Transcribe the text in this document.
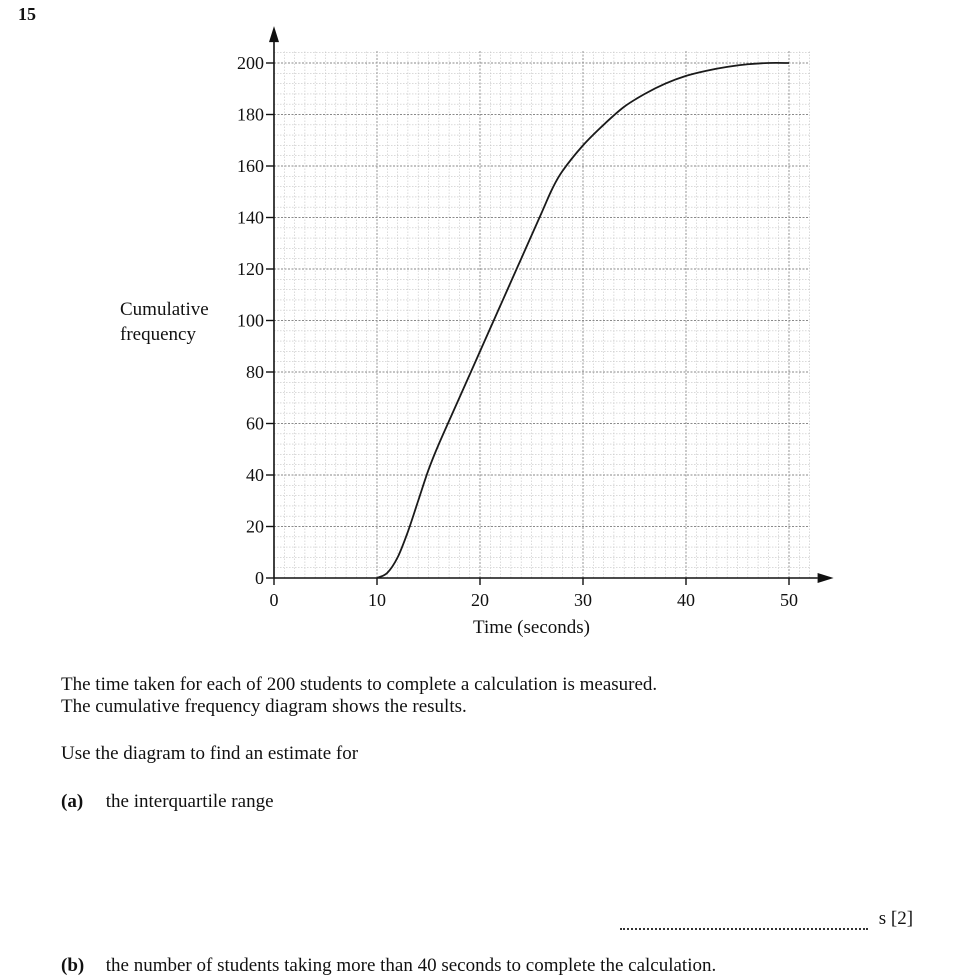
15
Cumulative
frequency
0
20
40
60
80
100
120
140
160
180
200
0	10	20	30	40	50
Time (seconds)
The time taken for each of 200 students to complete a calculation is measured.
The cumulative frequency diagram shows the results.
Use the diagram to find an estimate for
(a) the interquartile range
s [2]
(b) the number of students taking more than 40 seconds to complete the calculation.
